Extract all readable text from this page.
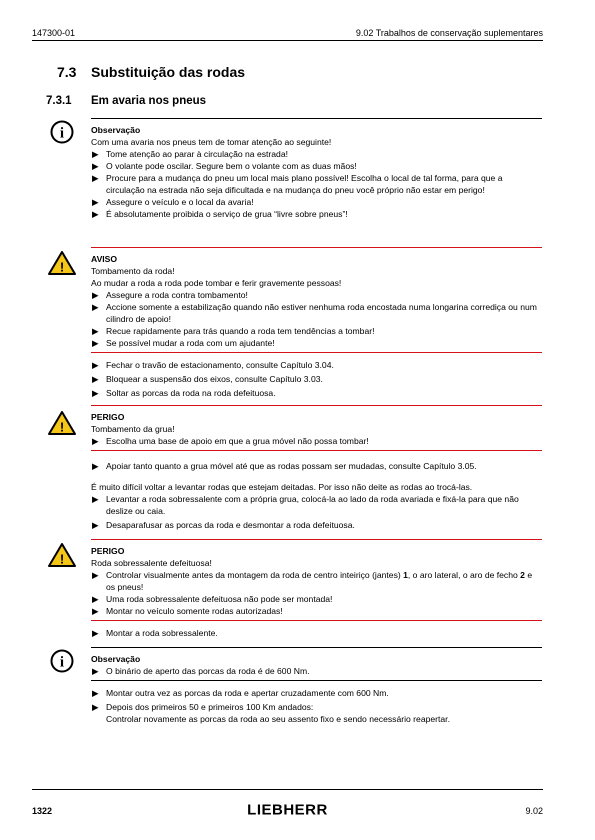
147300-01	9.02 Trabalhos de conservação suplementares
7.3 Substituição das rodas
7.3.1 Em avaria nos pneus
i
!
!
!
i
Observação
Com uma avaria nos pneus tem de tomar atenção ao seguinte!
▶ Tome atenção ao parar à circulação na estrada!
▶ O volante pode oscilar. Segure bem o volante com as duas mãos!
▶ Procure para a mudança do pneu um local mais plano possível! Escolha o local de tal forma, para que a circulação na estrada não seja dificultada e na mudança do pneu você próprio não estar em perigo!
▶ Assegure o veículo e o local da avaria!
▶ É absolutamente proibida o serviço de grua “livre sobre pneus”!
AVISO
Tombamento da roda!
Ao mudar a roda a roda pode tombar e ferir gravemente pessoas!
▶ Assegure a roda contra tombamento!
▶ Accione somente a estabilização quando não estiver nenhuma roda encostada numa longarina corrediça ou num cilindro de apoio!
▶ Recue rapidamente para trás quando a roda tem tendências a tombar!
▶ Se possível mudar a roda com um ajudante!
▶ Fechar o travão de estacionamento, consulte Capítulo 3.04.
▶ Bloquear a suspensão dos eixos, consulte Capítulo 3.03.
▶ Soltar as porcas da roda na roda defeituosa.
PERIGO
Tombamento da grua!
▶ Escolha uma base de apoio em que a grua móvel não possa tombar!
▶ Apoiar tanto quanto a grua móvel até que as rodas possam ser mudadas, consulte Capítulo 3.05.
É muito difícil voltar a levantar rodas que estejam deitadas. Por isso não deite as rodas ao trocá-las.
▶ Levantar a roda sobressalente com a própria grua, colocá-la ao lado da roda avariada e fixá-la para que não deslize ou caia.
▶ Desaparafusar as porcas da roda e desmontar a roda defeituosa.
PERIGO
Roda sobressalente defeituosa!
▶ Controlar visualmente antes da montagem da roda de centro inteiriço (jantes) 1, o aro lateral, o aro de fecho 2 e os pneus!
▶ Uma roda sobressalente defeituosa não pode ser montada!
▶ Montar no veículo somente rodas autorizadas!
▶ Montar a roda sobressalente.
Observação
▶ O binário de aperto das porcas da roda é de 600 Nm.
▶ Montar outra vez as porcas da roda e apertar cruzadamente com 600 Nm.
▶ Depois dos primeiros 50 e primeiros 100 Km andados:
Controlar novamente as porcas da roda ao seu assento fixo e sendo necessário reapertar.
1322	LIEBHERR	9.02
